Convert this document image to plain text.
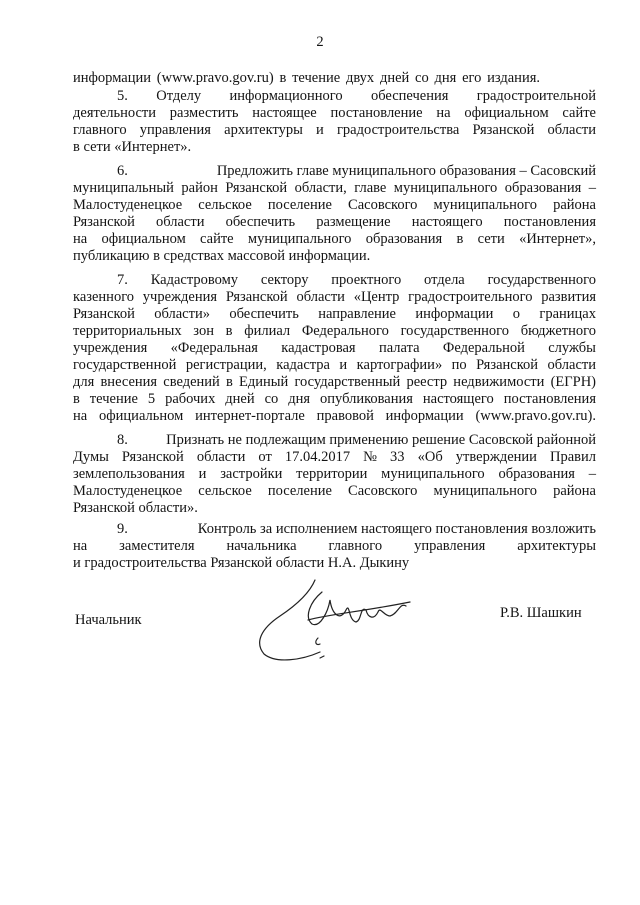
2
информации (www.pravo.gov.ru) в течение двух дней со дня его издания.
5. Отделу информационного обеспечения градостроительной
деятельности разместить настоящее постановление на официальном сайте
главного управления архитектуры и градостроительства Рязанской области
в сети «Интернет».
6.	Предложить главе муниципального образования – Сасовский
муниципальный район Рязанской области, главе муниципального образования –
Малостуденецкое сельское поселение Сасовского муниципального района
Рязанской области обеспечить размещение настоящего постановления
на официальном сайте муниципального образования в сети «Интернет»,
публикацию в средствах массовой информации.
7. Кадастровому сектору проектного отдела государственного
казенного учреждения Рязанской области «Центр градостроительного развития
Рязанской области» обеспечить направление информации о границах
территориальных зон в филиал Федерального государственного бюджетного
учреждения «Федеральная кадастровая палата Федеральной службы
государственной регистрации, кадастра и картографии» по Рязанской области
для внесения сведений в Единый государственный реестр недвижимости (ЕГРН)
в течение 5 рабочих дней со дня опубликования настоящего постановления
на официальном интернет-портале правовой информации (www.pravo.gov.ru).
8.	Признать не подлежащим применению решение Сасовской районной
Думы Рязанской области от 17.04.2017 № 33 «Об утверждении Правил
землепользования и застройки территории муниципального образования –
Малостуденецкое сельское поселение Сасовского муниципального района
Рязанской области».
9.	Контроль за исполнением настоящего постановления возложить
на заместителя начальника главного управления архитектуры
и градостроительства Рязанской области Н.А. Дыкину
Начальник	Р.В. Шашкин
